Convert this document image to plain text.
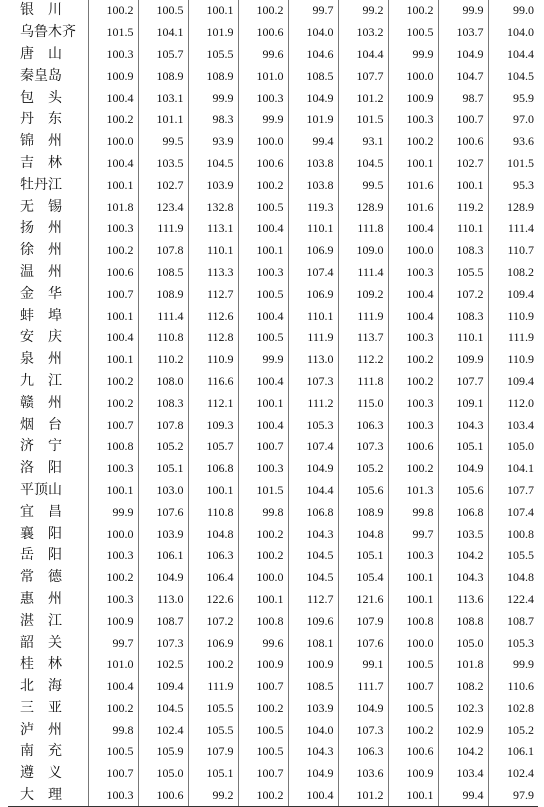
银　川	100.2	100.5	100.1	100.2	99.7	99.2	100.2	99.9	99.0
乌鲁木齐	101.5	104.1	101.9	100.6	104.0	103.2	100.5	103.7	104.0
唐　山	100.3	105.7	105.5	99.6	104.6	104.4	99.9	104.9	104.4
秦皇岛	100.9	108.9	108.9	101.0	108.5	107.7	100.0	104.7	104.5
包　头	100.4	103.1	99.9	100.3	104.9	101.2	100.9	98.7	95.9
丹　东	100.2	101.1	98.3	99.9	101.9	101.5	100.3	100.7	97.0
锦　州	100.0	99.5	93.9	100.0	99.4	93.1	100.2	100.6	93.6
吉　林	100.4	103.5	104.5	100.6	103.8	104.5	100.1	102.7	101.5
牡丹江	100.1	102.7	103.9	100.2	103.8	99.5	101.6	100.1	95.3
无　锡	101.8	123.4	132.8	100.5	119.3	128.9	101.6	119.2	128.9
扬　州	100.3	111.9	113.1	100.4	110.1	111.8	100.4	110.1	111.4
徐　州	100.2	107.8	110.1	100.1	106.9	109.0	100.0	108.3	110.7
温　州	100.6	108.5	113.3	100.3	107.4	111.4	100.3	105.5	108.2
金　华	100.7	108.9	112.7	100.5	106.9	109.2	100.4	107.2	109.4
蚌　埠	100.1	111.4	112.6	100.4	110.1	111.9	100.4	108.3	110.9
安　庆	100.4	110.8	112.8	100.5	111.9	113.7	100.3	110.1	111.9
泉　州	100.1	110.2	110.9	99.9	113.0	112.2	100.2	109.9	110.9
九　江	100.2	108.0	116.6	100.4	107.3	111.8	100.2	107.7	109.4
赣　州	100.2	108.3	112.1	100.1	111.2	115.0	100.3	109.1	112.0
烟　台	100.7	107.8	109.3	100.4	105.3	106.3	100.3	104.3	103.4
济　宁	100.8	105.2	105.7	100.7	107.4	107.3	100.6	105.1	105.0
洛　阳	100.3	105.1	106.8	100.3	104.9	105.2	100.2	104.9	104.1
平顶山	100.1	103.0	100.1	101.5	104.4	105.6	101.3	105.6	107.7
宜　昌	99.9	107.6	110.8	99.8	106.8	108.9	99.8	106.8	107.4
襄　阳	100.0	103.9	104.8	100.2	104.3	104.8	99.7	103.5	100.8
岳　阳	100.3	106.1	106.3	100.2	104.5	105.1	100.3	104.2	105.5
常　德	100.2	104.9	106.4	100.0	104.5	105.4	100.1	104.3	104.8
惠　州	100.3	113.0	122.6	100.1	112.7	121.6	100.1	113.6	122.4
湛　江	100.9	108.7	107.2	100.8	109.6	107.9	100.8	108.8	108.7
韶　关	99.7	107.3	106.9	99.6	108.1	107.6	100.0	105.0	105.3
桂　林	101.0	102.5	100.2	100.9	100.9	99.1	100.5	101.8	99.9
北　海	100.4	109.4	111.9	100.7	108.5	111.7	100.7	108.2	110.6
三　亚	100.2	104.5	105.5	100.2	103.9	104.9	100.5	102.3	102.8
泸　州	99.8	102.4	105.5	100.5	104.0	107.3	100.2	102.9	105.2
南　充	100.5	105.9	107.9	100.5	104.3	106.3	100.6	104.2	106.1
遵　义	100.7	105.0	105.1	100.7	104.9	103.6	100.9	103.4	102.4
大　理	100.3	100.6	99.2	100.2	100.4	101.2	100.1	99.4	97.9
